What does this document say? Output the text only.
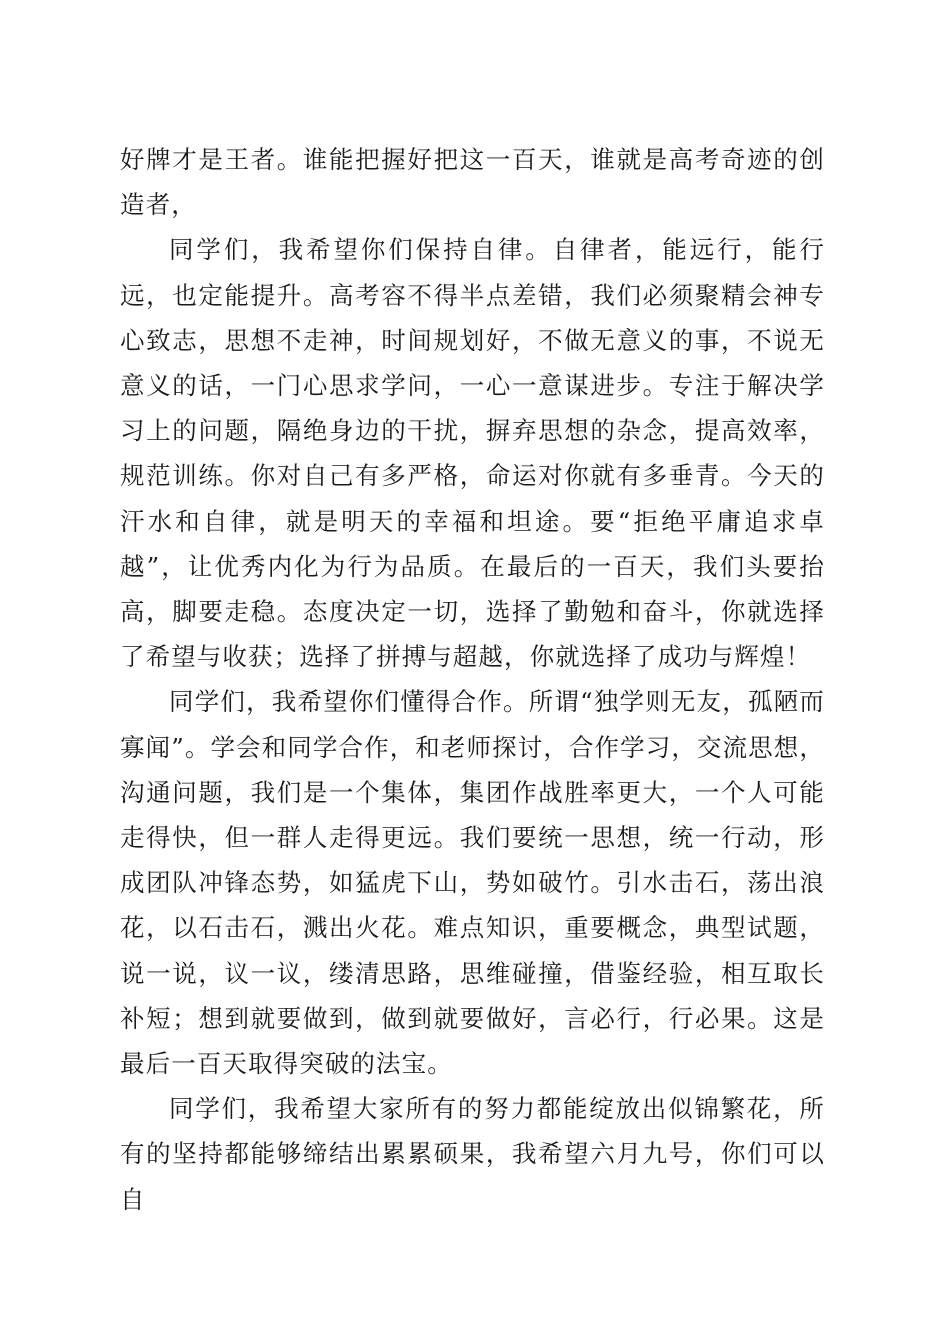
好牌才是王者。谁能把握好把这一百天，谁就是高考奇迹的创造者，

同学们，我希望你们保持自律。自律者，能远行，能行远，也定能提升。高考容不得半点差错，我们必须聚精会神专心致志，思想不走神，时间规划好，不做无意义的事，不说无意义的话，一门心思求学问，一心一意谋进步。专注于解决学习上的问题，隔绝身边的干扰，摒弃思想的杂念，提高效率，规范训练。你对自己有多严格，命运对你就有多垂青。今天的汗水和自律，就是明天的幸福和坦途。要“拒绝平庸追求卓越”，让优秀内化为行为品质。在最后的一百天，我们头要抬高，脚要走稳。态度决定一切，选择了勤勉和奋斗，你就选择了希望与收获；选择了拼搏与超越，你就选择了成功与辉煌！

同学们，我希望你们懂得合作。所谓“独学则无友，孤陋而寡闻”。学会和同学合作，和老师探讨，合作学习，交流思想，沟通问题，我们是一个集体，集团作战胜率更大，一个人可能走得快，但一群人走得更远。我们要统一思想，统一行动，形成团队冲锋态势，如猛虎下山，势如破竹。引水击石，荡出浪花，以石击石，溅出火花。难点知识，重要概念，典型试题，说一说，议一议，缕清思路，思维碰撞，借鉴经验，相互取长补短；想到就要做到，做到就要做好，言必行，行必果。这是最后一百天取得突破的法宝。

同学们，我希望大家所有的努力都能绽放出似锦繁花，所有的坚持都能够缔结出累累硕果，我希望六月九号，你们可以自
